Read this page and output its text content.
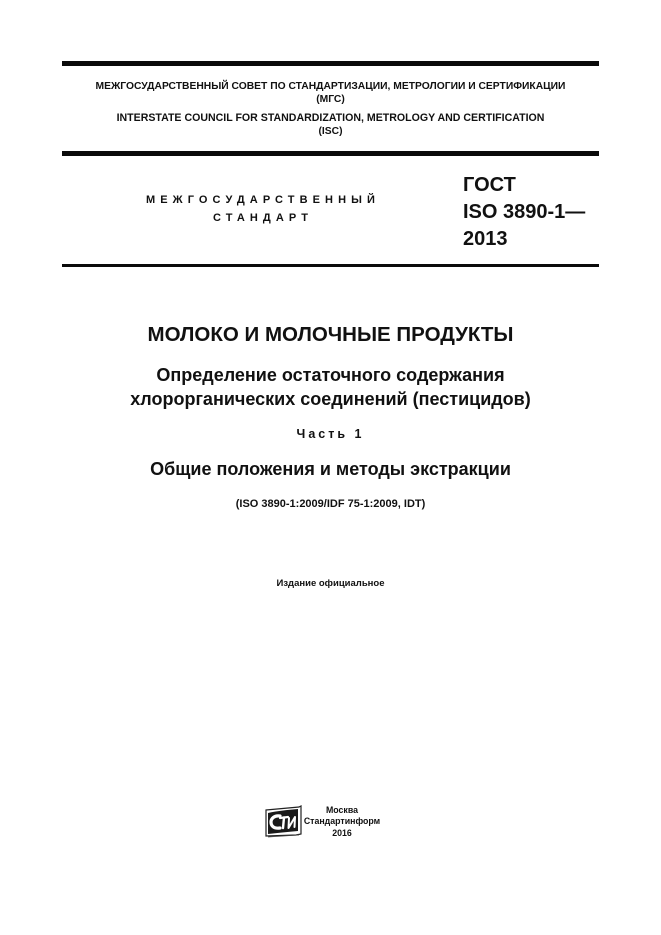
МЕЖГОСУДАРСТВЕННЫЙ СОВЕТ ПО СТАНДАРТИЗАЦИИ, МЕТРОЛОГИИ И СЕРТИФИКАЦИИ
(МГС)
INTERSTATE COUNCIL FOR STANDARDIZATION, METROLOGY AND CERTIFICATION
(ISC)
МЕЖГОСУДАРСТВЕННЫЙ
СТАНДАРТ
ГОСТ
ISO 3890-1—
2013
МОЛОКО И МОЛОЧНЫЕ ПРОДУКТЫ
Определение остаточного содержания
хлорорганических соединений (пестицидов)
Часть 1
Общие положения и методы экстракции
(ISO 3890-1:2009/IDF 75-1:2009, IDT)
Издание официальное
Москва
Стандартинформ
2016
